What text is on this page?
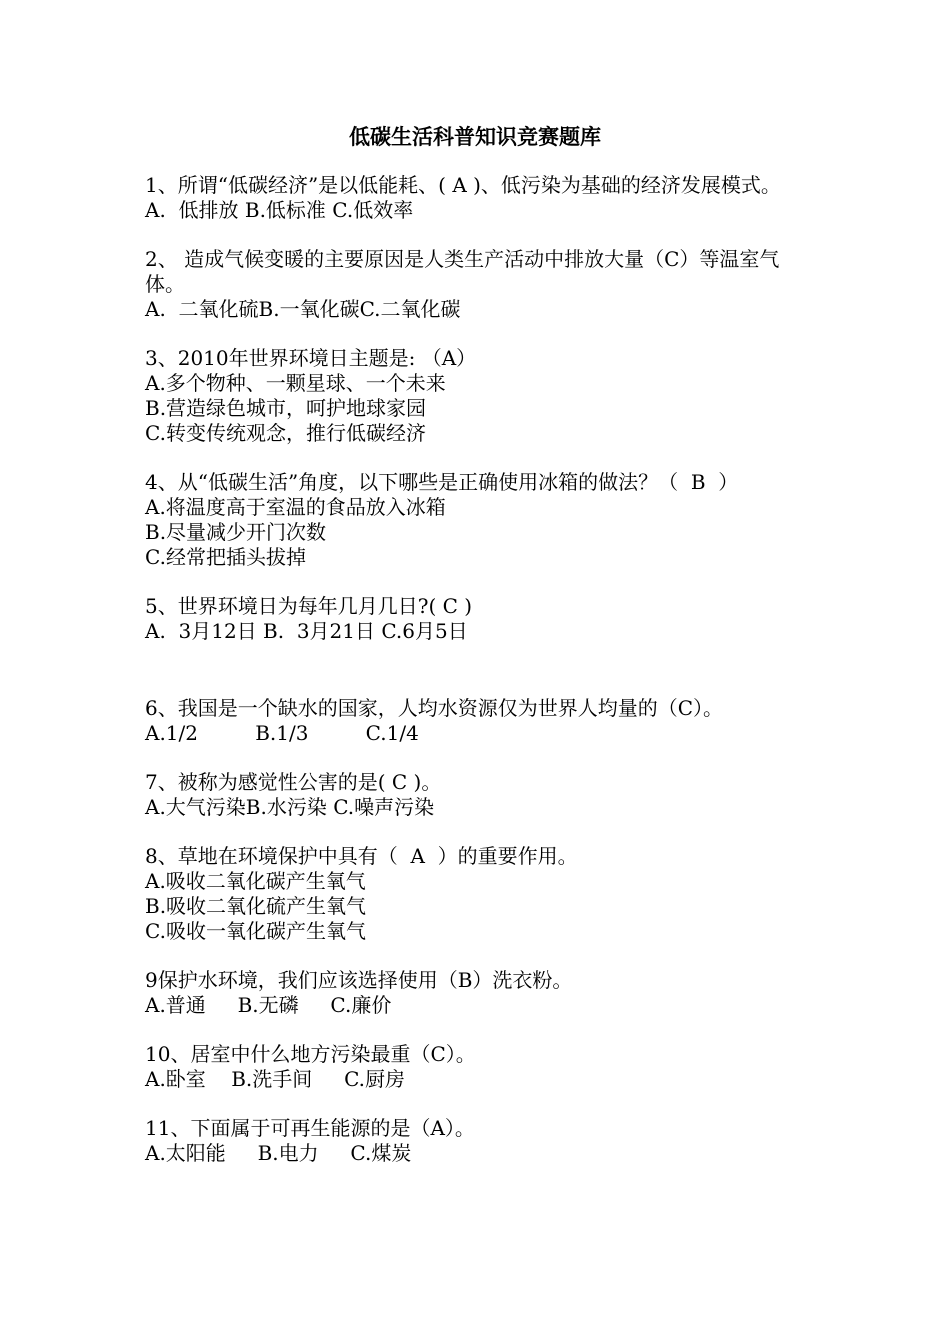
低碳生活科普知识竞赛题库
1、所谓“低碳经济”是以低能耗、( A )、低污染为基础的经济发展模式。
A.  低排放 B.低标准 C.低效率
2、 造成气候变暖的主要原因是人类生产活动中排放大量（C）等温室气体。
A.  二氧化硫B.一氧化碳C.二氧化碳
3、2010年世界环境日主题是: （A）
A.多个物种、一颗星球、一个未来
B.营造绿色城市，呵护地球家园
C.转变传统观念，推行低碳经济
4、从“低碳生活”角度，以下哪些是正确使用冰箱的做法？（  B  ）
A.将温度高于室温的食品放入冰箱
B.尽量减少开门次数
C.经常把插头拔掉
5、世界环境日为每年几月几日?( C )
A.  3月12日 B.  3月21日 C.6月5日
6、我国是一个缺水的国家，人均水资源仅为世界人均量的（C）。
A.1/2         B.1/3         C.1/4
7、被称为感觉性公害的是( C )。
A.大气污染B.水污染 C.噪声污染
8、草地在环境保护中具有（  A  ）的重要作用。
A.吸收二氧化碳产生氧气
B.吸收二氧化硫产生氧气
C.吸收一氧化碳产生氧气
9保护水环境，我们应该选择使用（B）洗衣粉。
A.普通     B.无磷     C.廉价
10、居室中什么地方污染最重（C）。
A.卧室    B.洗手间     C.厨房
11、下面属于可再生能源的是（A）。
A.太阳能     B.电力     C.煤炭
